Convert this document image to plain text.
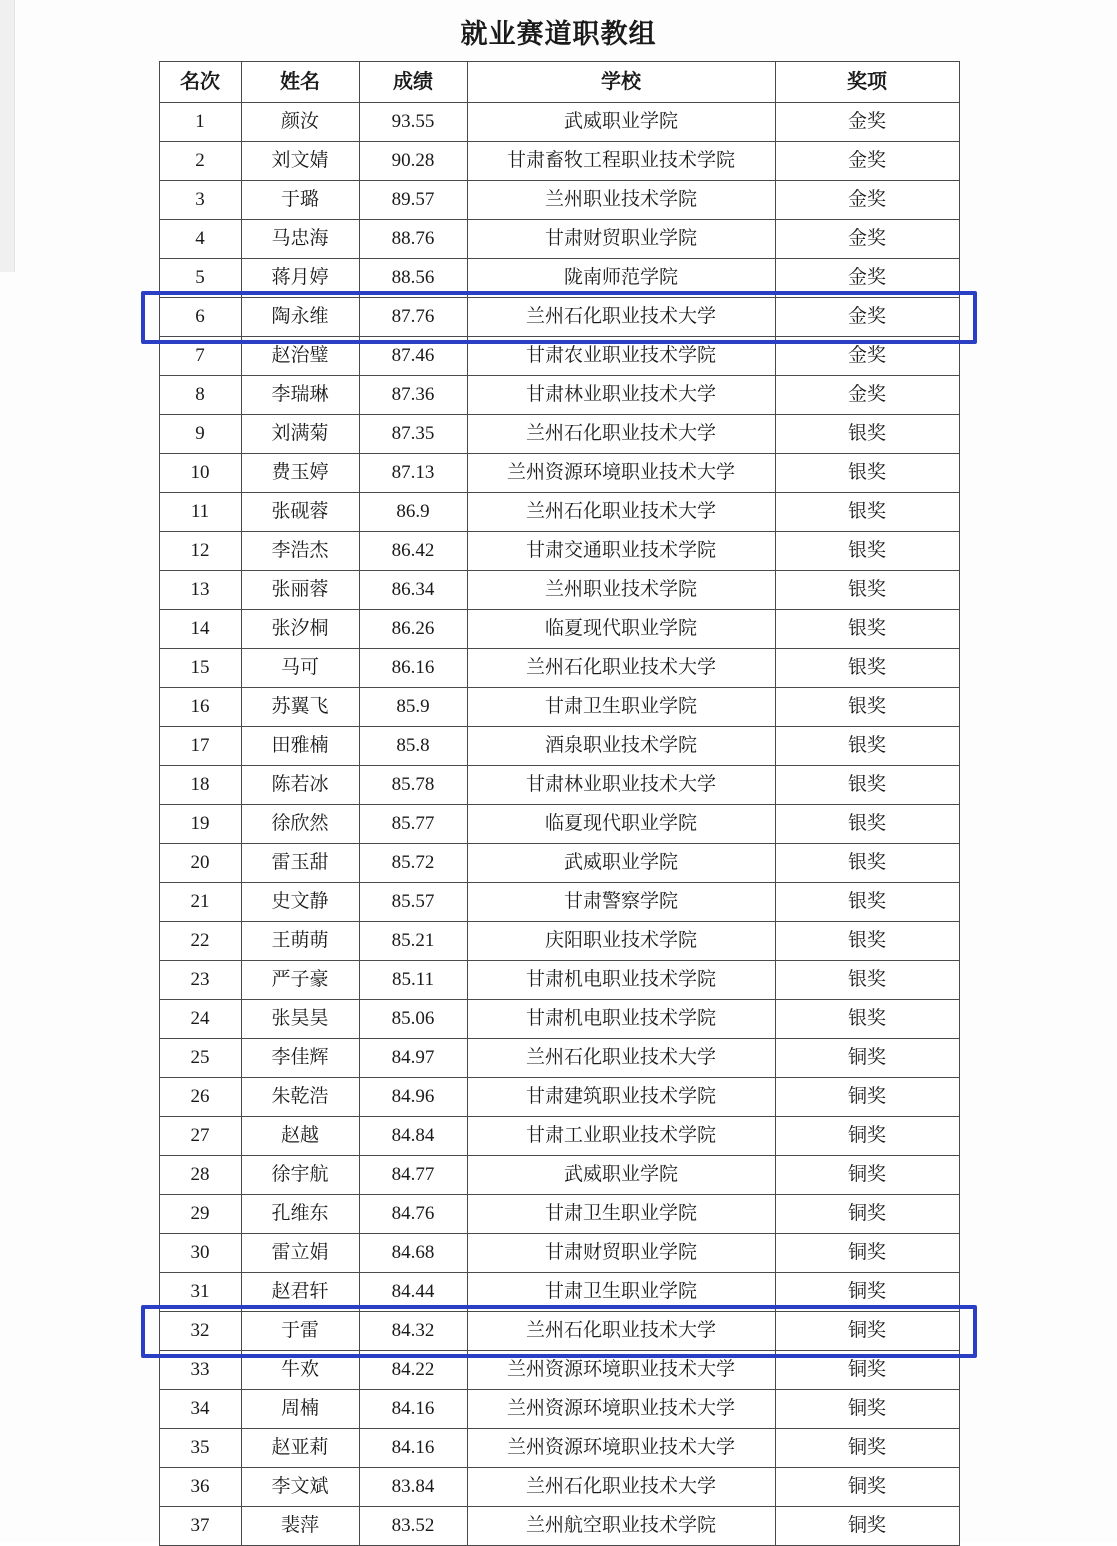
就业赛道职教组
名次	姓名	成绩	学校	奖项
1	颜汝	93.55	武威职业学院	金奖
2	刘文婧	90.28	甘肃畜牧工程职业技术学院	金奖
3	于璐	89.57	兰州职业技术学院	金奖
4	马忠海	88.76	甘肃财贸职业学院	金奖
5	蒋月婷	88.56	陇南师范学院	金奖
6	陶永维	87.76	兰州石化职业技术大学	金奖
7	赵治璧	87.46	甘肃农业职业技术学院	金奖
8	李瑞琳	87.36	甘肃林业职业技术大学	金奖
9	刘满菊	87.35	兰州石化职业技术大学	银奖
10	费玉婷	87.13	兰州资源环境职业技术大学	银奖
11	张砚蓉	86.9	兰州石化职业技术大学	银奖
12	李浩杰	86.42	甘肃交通职业技术学院	银奖
13	张丽蓉	86.34	兰州职业技术学院	银奖
14	张汐桐	86.26	临夏现代职业学院	银奖
15	马可	86.16	兰州石化职业技术大学	银奖
16	苏翼飞	85.9	甘肃卫生职业学院	银奖
17	田雅楠	85.8	酒泉职业技术学院	银奖
18	陈若冰	85.78	甘肃林业职业技术大学	银奖
19	徐欣然	85.77	临夏现代职业学院	银奖
20	雷玉甜	85.72	武威职业学院	银奖
21	史文静	85.57	甘肃警察学院	银奖
22	王萌萌	85.21	庆阳职业技术学院	银奖
23	严子豪	85.11	甘肃机电职业技术学院	银奖
24	张昊昊	85.06	甘肃机电职业技术学院	银奖
25	李佳辉	84.97	兰州石化职业技术大学	铜奖
26	朱乾浩	84.96	甘肃建筑职业技术学院	铜奖
27	赵越	84.84	甘肃工业职业技术学院	铜奖
28	徐宇航	84.77	武威职业学院	铜奖
29	孔维东	84.76	甘肃卫生职业学院	铜奖
30	雷立娟	84.68	甘肃财贸职业学院	铜奖
31	赵君轩	84.44	甘肃卫生职业学院	铜奖
32	于雷	84.32	兰州石化职业技术大学	铜奖
33	牛欢	84.22	兰州资源环境职业技术大学	铜奖
34	周楠	84.16	兰州资源环境职业技术大学	铜奖
35	赵亚莉	84.16	兰州资源环境职业技术大学	铜奖
36	李文斌	83.84	兰州石化职业技术大学	铜奖
37	裴萍	83.52	兰州航空职业技术学院	铜奖
